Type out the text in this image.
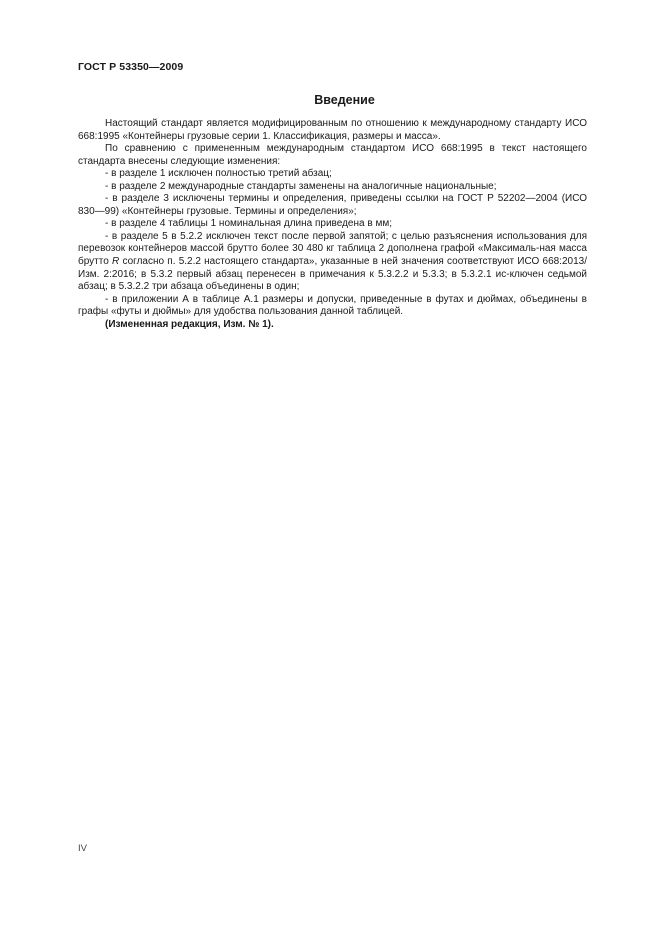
ГОСТ Р 53350—2009
Введение

Настоящий стандарт является модифицированным по отношению к международному стандарту ИСО 668:1995 «Контейнеры грузовые серии 1. Классификация, размеры и масса».

По сравнению с примененным международным стандартом ИСО 668:1995 в текст настоящего стандарта внесены следующие изменения:

- в разделе 1 исключен полностью третий абзац;

- в разделе 2 международные стандарты заменены на аналогичные национальные;

- в разделе 3 исключены термины и определения, приведены ссылки на ГОСТ Р 52202—2004 (ИСО 830—99) «Контейнеры грузовые. Термины и определения»;

- в разделе 4 таблицы 1 номинальная длина приведена в мм;

- в разделе 5 в 5.2.2 исключен текст после первой запятой; с целью разъяснения использования для перевозок контейнеров массой брутто более 30 480 кг таблица 2 дополнена графой «Максималь-ная масса брутто R согласно п. 5.2.2 настоящего стандарта», указанные в ней значения соответствуют ИСО 668:2013/Изм. 2:2016; в 5.3.2 первый абзац перенесен в примечания к 5.3.2.2 и 5.3.3; в 5.3.2.1 ис-ключен седьмой абзац; в 5.3.2.2 три абзаца объединены в один;

- в приложении А в таблице А.1 размеры и допуски, приведенные в футах и дюймах, объединены в графы «футы и дюймы» для удобства пользования данной таблицей.

(Измененная редакция, Изм. № 1).

IV
